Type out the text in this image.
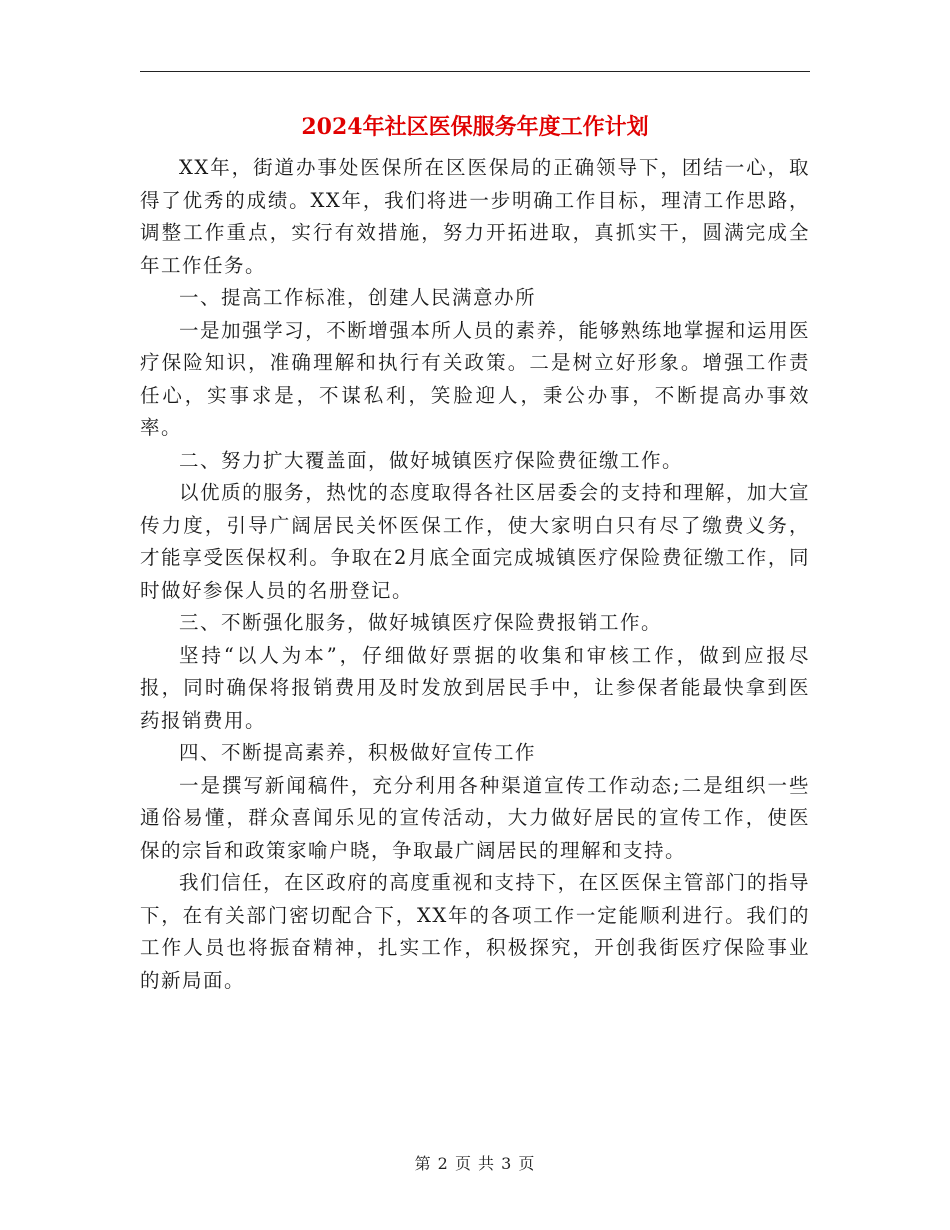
2024年社区医保服务年度工作计划

XX年，街道办事处医保所在区医保局的正确领导下，团结一心，取得了优秀的成绩。XX年，我们将进一步明确工作目标，理清工作思路，调整工作重点，实行有效措施，努力开拓进取，真抓实干，圆满完成全年工作任务。

一、提高工作标准，创建人民满意办所

一是加强学习，不断增强本所人员的素养，能够熟练地掌握和运用医疗保险知识，准确理解和执行有关政策。二是树立好形象。增强工作责任心，实事求是，不谋私利，笑脸迎人，秉公办事，不断提高办事效率。

二、努力扩大覆盖面，做好城镇医疗保险费征缴工作。

以优质的服务，热忱的态度取得各社区居委会的支持和理解，加大宣传力度，引导广阔居民关怀医保工作，使大家明白只有尽了缴费义务，才能享受医保权利。争取在2月底全面完成城镇医疗保险费征缴工作，同时做好参保人员的名册登记。

三、不断强化服务，做好城镇医疗保险费报销工作。

坚持“以人为本”，仔细做好票据的收集和审核工作，做到应报尽报，同时确保将报销费用及时发放到居民手中，让参保者能最快拿到医药报销费用。

四、不断提高素养，积极做好宣传工作

一是撰写新闻稿件，充分利用各种渠道宣传工作动态;二是组织一些通俗易懂，群众喜闻乐见的宣传活动，大力做好居民的宣传工作，使医保的宗旨和政策家喻户晓，争取最广阔居民的理解和支持。

我们信任，在区政府的高度重视和支持下，在区医保主管部门的指导下，在有关部门密切配合下，XX年的各项工作一定能顺利进行。我们的工作人员也将振奋精神，扎实工作，积极探究，开创我街医疗保险事业的新局面。

第 2 页 共 3 页
